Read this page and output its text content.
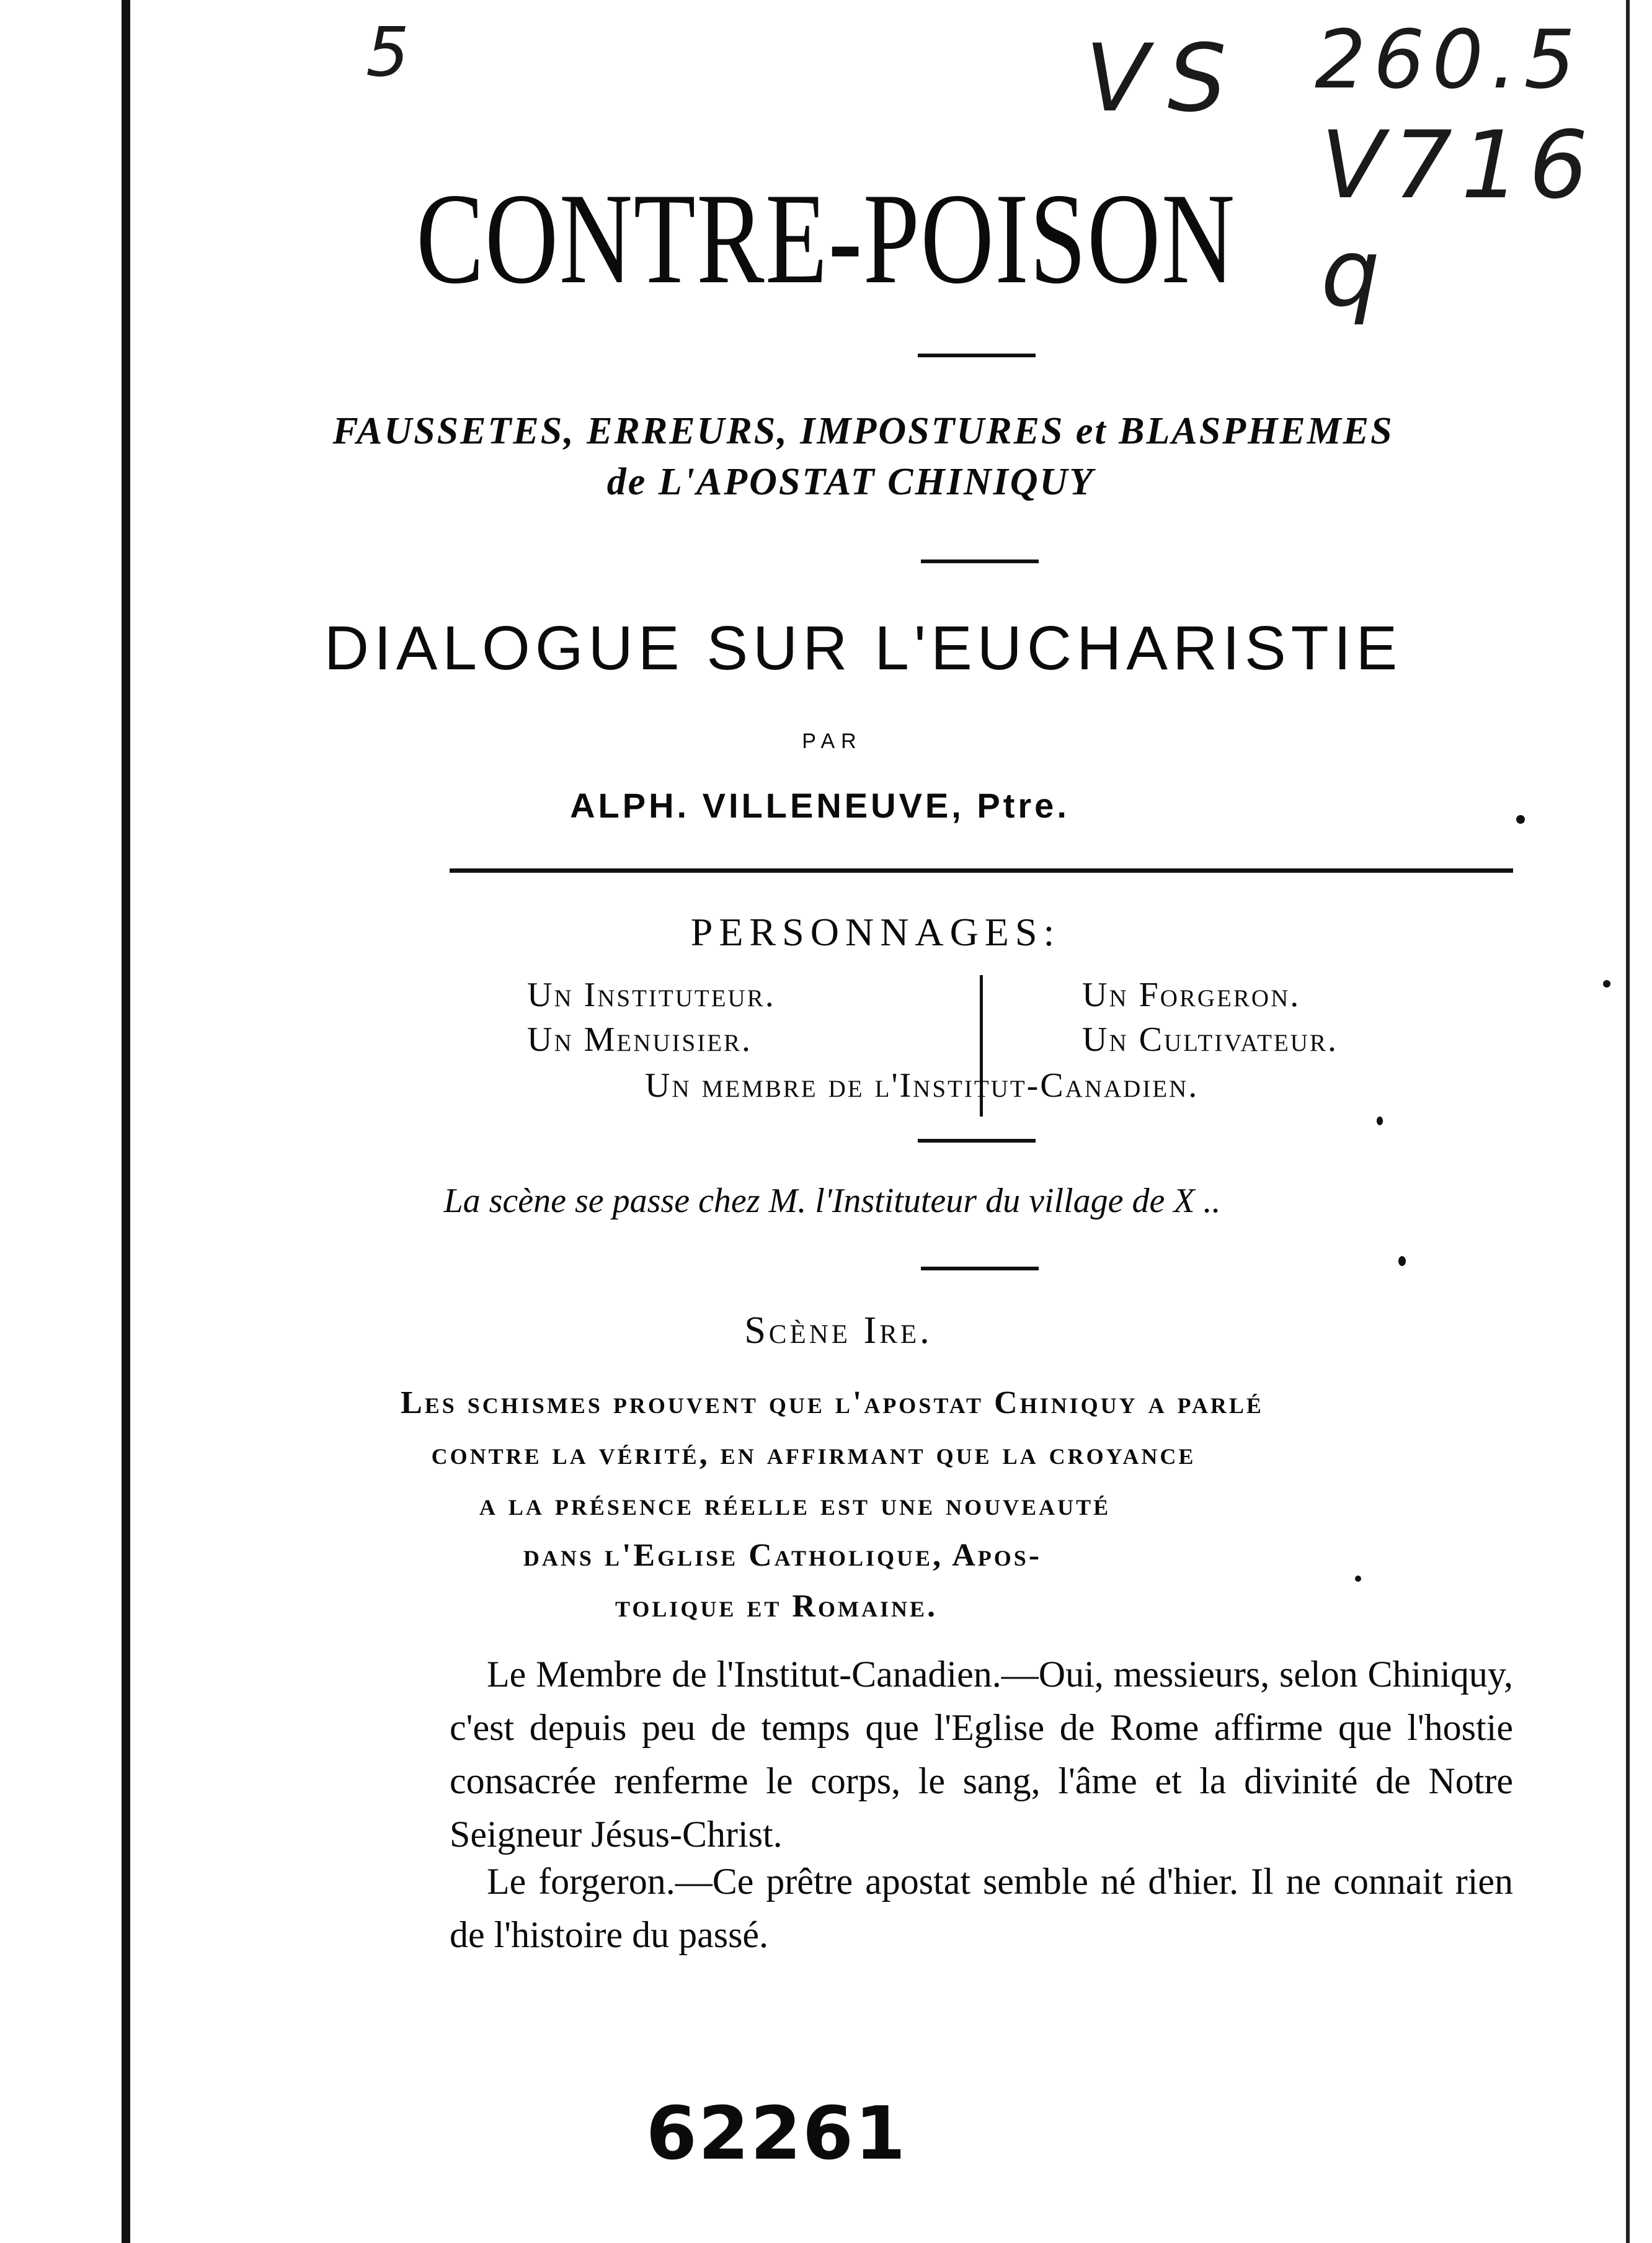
5	VS 260.5
V716 q
CONTRE-POISON
FAUSSETES, ERREURS, IMPOSTURES et BLASPHEMES
de L'APOSTAT CHINIQUY
DIALOGUE SUR L'EUCHARISTIE
PAR
ALPH. VILLENEUVE, Ptre.
PERSONNAGES:
Un Instituteur.
Un Menuisier.
Un Forgeron.
Un Cultivateur.
Un membre de l'Institut-Canadien.
La scène se passe chez M. l'Instituteur du village de X ..
Scène Ire.
Les schismes prouvent que l'apostat Chiniquy a parlé
contre la vérité, en affirmant que la croyance
a la présence réelle est une nouveauté
dans l'Eglise Catholique, Apos-
tolique et Romaine.
Le Membre de l'Institut-Canadien.—Oui, messieurs, selon Chiniquy, c'est depuis peu de temps que l'Eglise de Rome affirme que l'hostie consacrée renferme le corps, le sang, l'âme et la divinité de Notre Seigneur Jésus-Christ.
Le forgeron.—Ce prêtre apostat semble né d'hier. Il ne connait rien de l'histoire du passé.
62261
